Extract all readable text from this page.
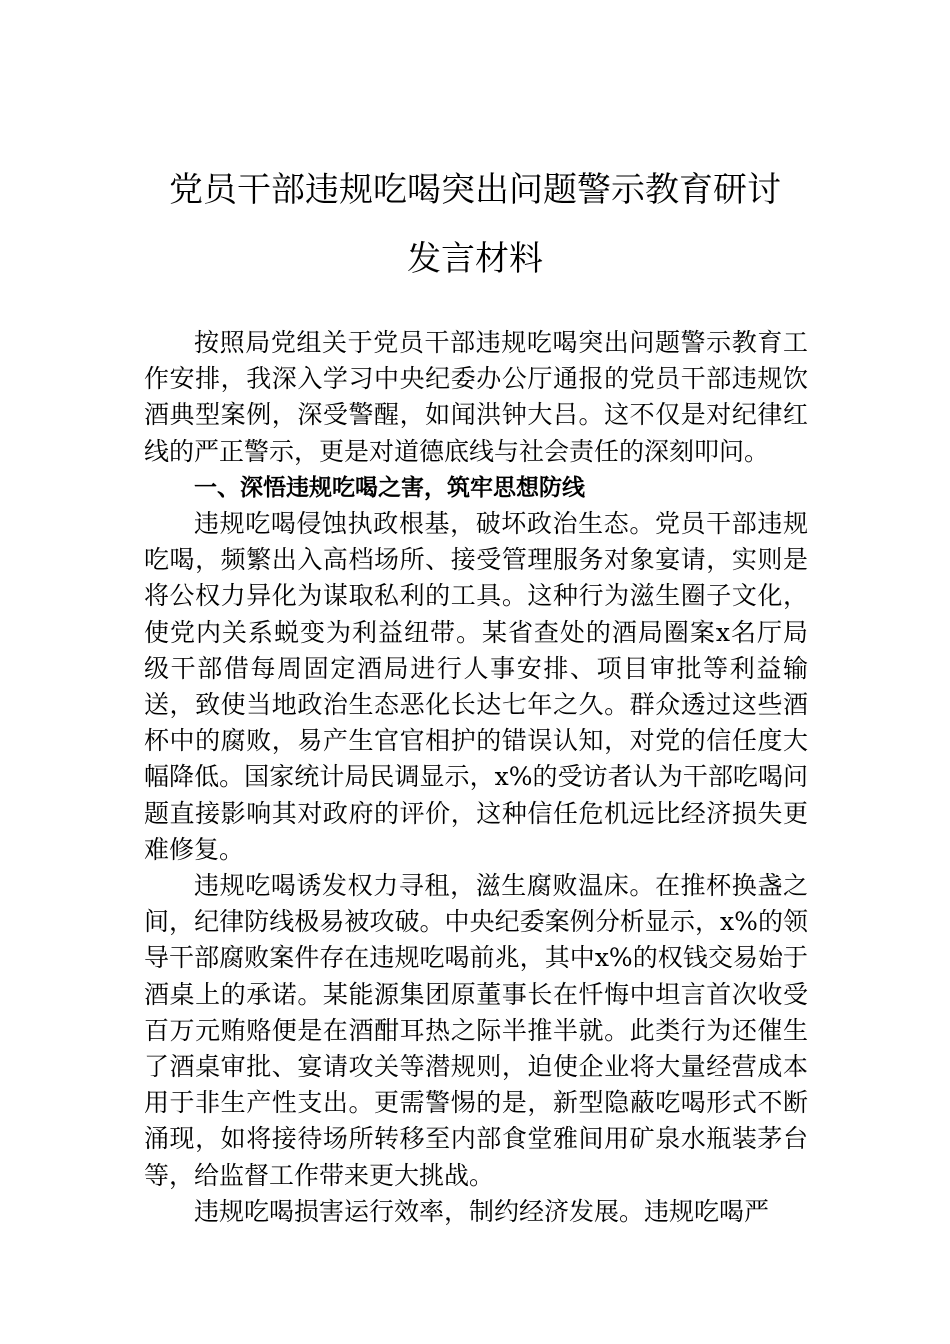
党员干部违规吃喝突出问题警示教育研讨
发言材料

按照局党组关于党员干部违规吃喝突出问题警示教育工作安排，我深入学习中央纪委办公厅通报的党员干部违规饮酒典型案例，深受警醒，如闻洪钟大吕。这不仅是对纪律红线的严正警示，更是对道德底线与社会责任的深刻叩问。

一、深悟违规吃喝之害，筑牢思想防线

违规吃喝侵蚀执政根基，破坏政治生态。党员干部违规吃喝，频繁出入高档场所、接受管理服务对象宴请，实则是将公权力异化为谋取私利的工具。这种行为滋生圈子文化，使党内关系蜕变为利益纽带。某省查处的酒局圈案x名厅局级干部借每周固定酒局进行人事安排、项目审批等利益输送，致使当地政治生态恶化长达七年之久。群众透过这些酒杯中的腐败，易产生官官相护的错误认知，对党的信任度大幅降低。国家统计局民调显示，x%的受访者认为干部吃喝问题直接影响其对政府的评价，这种信任危机远比经济损失更难修复。

违规吃喝诱发权力寻租，滋生腐败温床。在推杯换盏之间，纪律防线极易被攻破。中央纪委案例分析显示，x%的领导干部腐败案件存在违规吃喝前兆，其中x%的权钱交易始于酒桌上的承诺。某能源集团原董事长在忏悔中坦言首次收受百万元贿赂便是在酒酣耳热之际半推半就。此类行为还催生了酒桌审批、宴请攻关等潜规则，迫使企业将大量经营成本用于非生产性支出。更需警惕的是，新型隐蔽吃喝形式不断涌现，如将接待场所转移至内部食堂雅间用矿泉水瓶装茅台等，给监督工作带来更大挑战。

违规吃喝损害运行效率，制约经济发展。违规吃喝严
